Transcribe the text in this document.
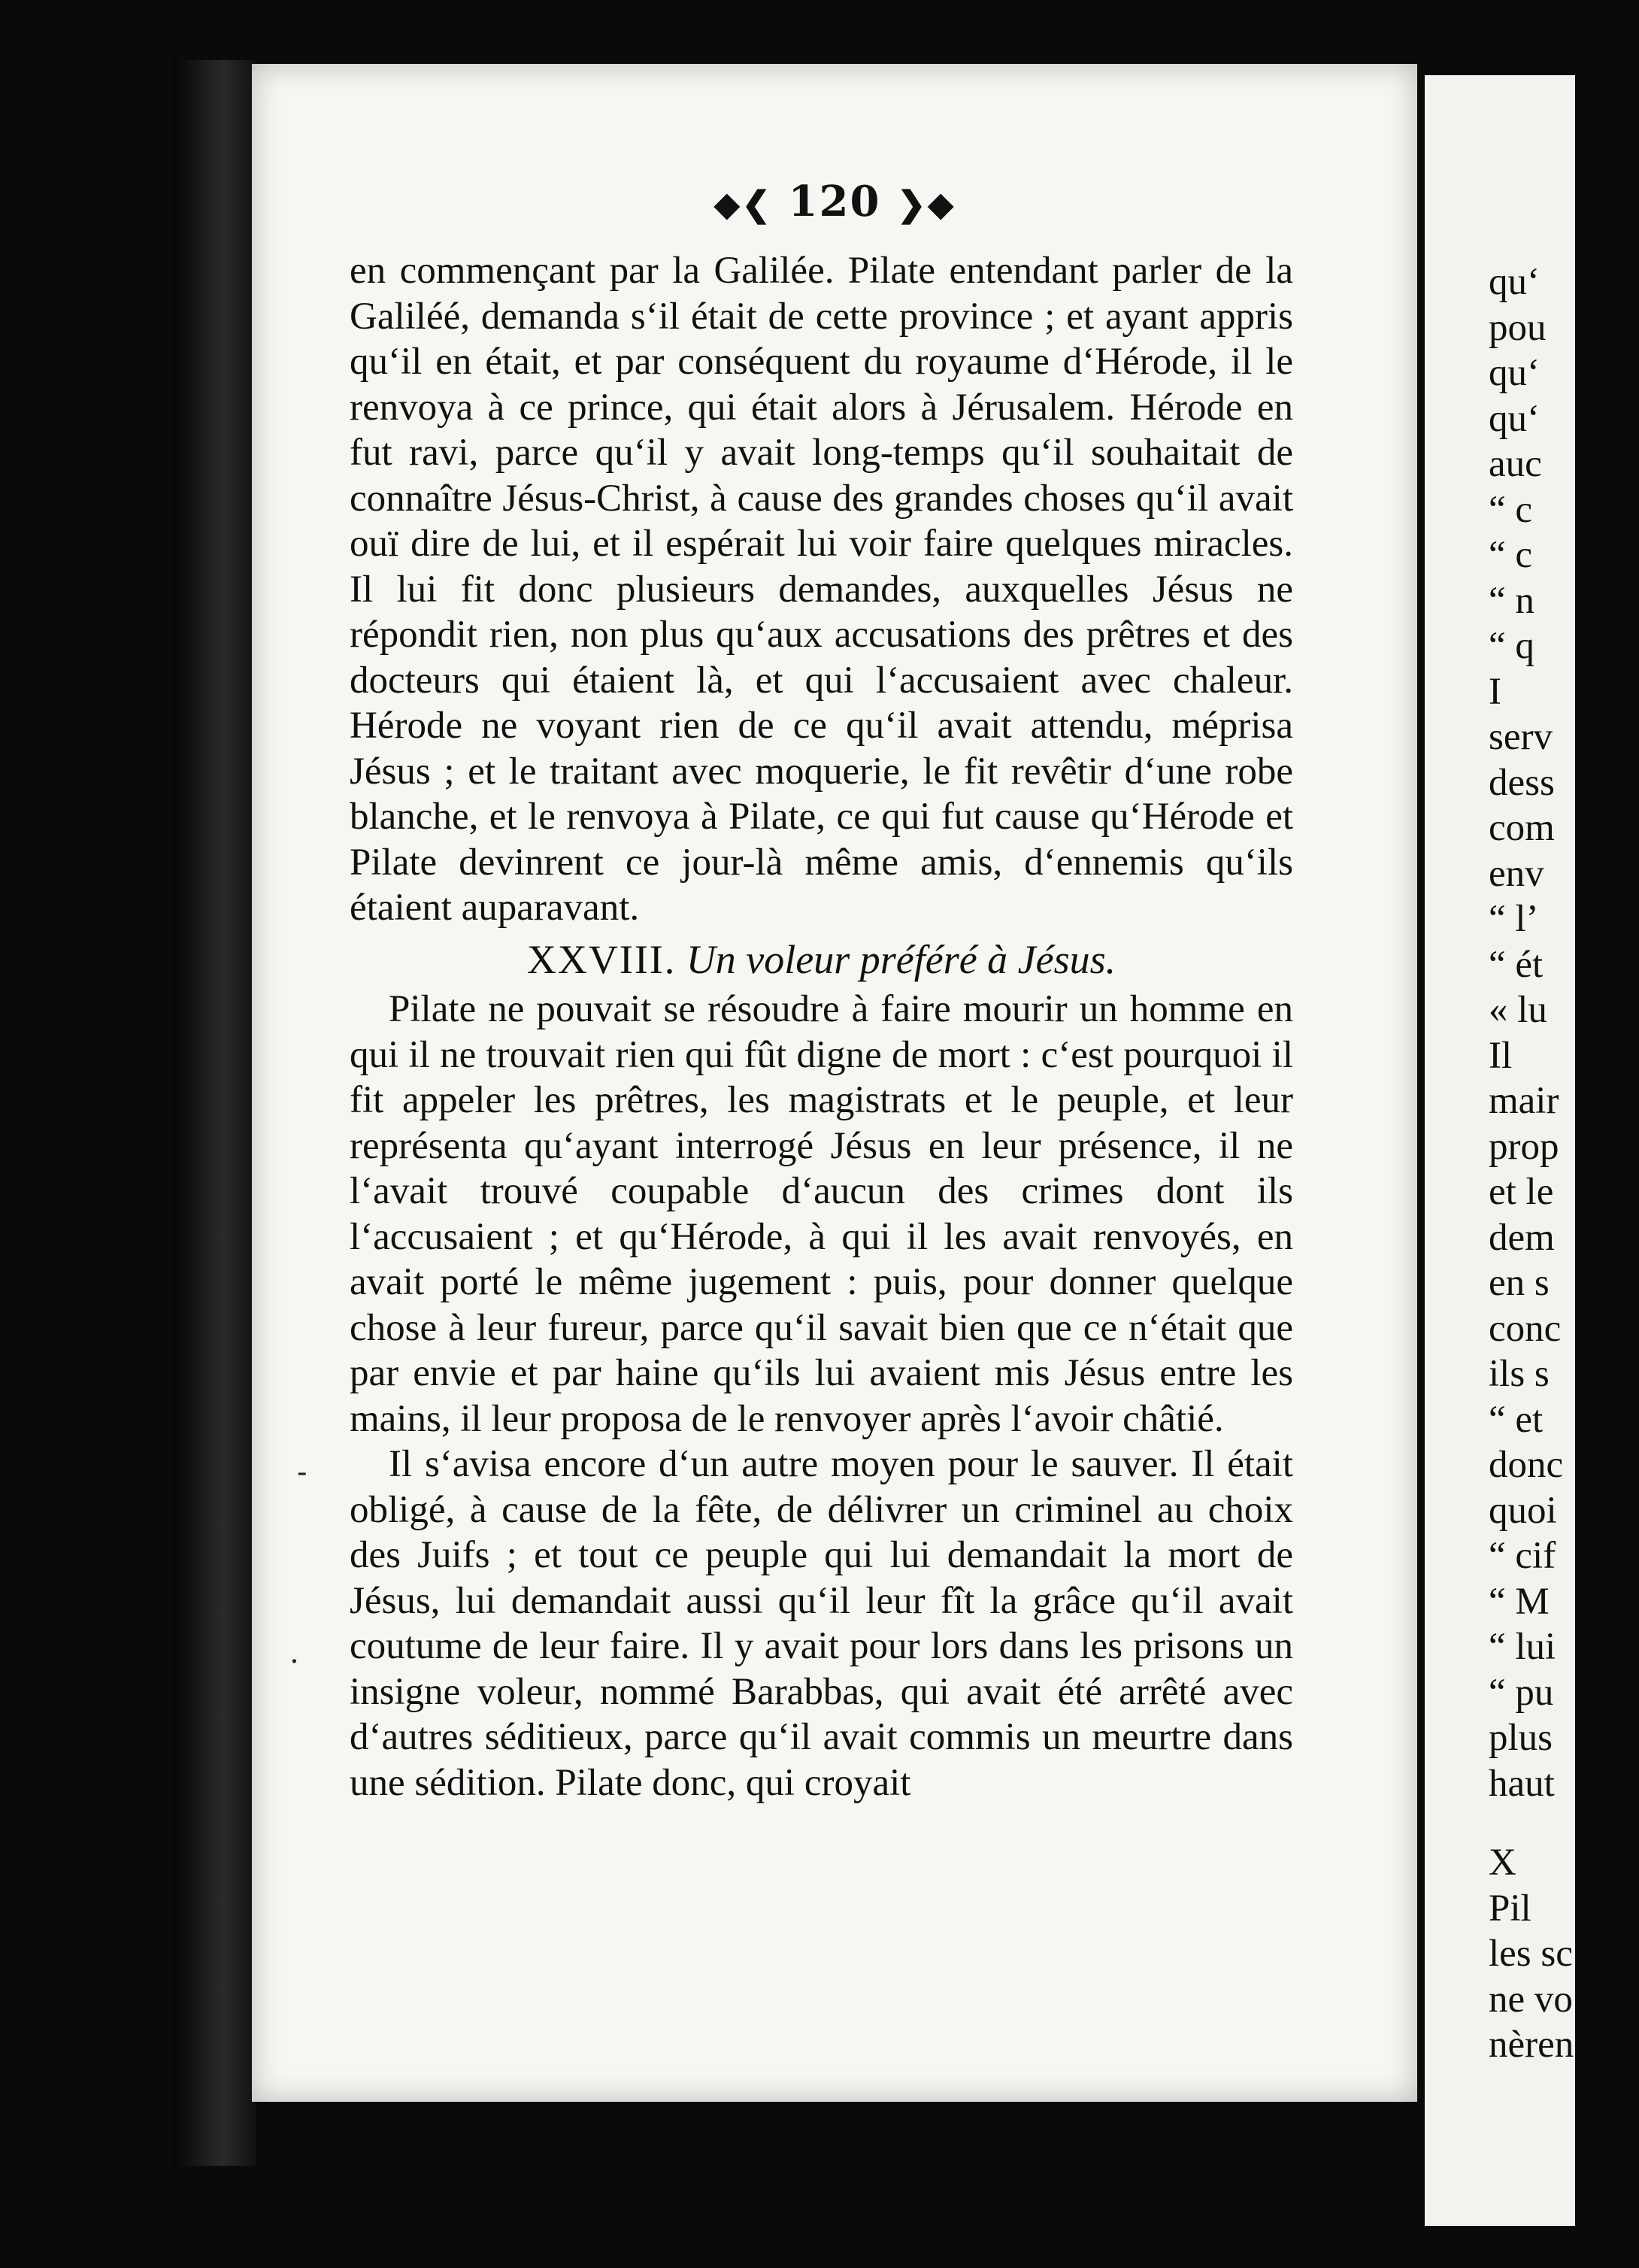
◆❮ 120 ❯◆

en commençant par la Galilée. Pilate entendant parler de la Galiléé, demanda s‘il était de cette province ; et ayant appris qu‘il en était, et par conséquent du royaume d‘Hérode, il le renvoya à ce prince, qui était alors à Jérusalem. Hérode en fut ravi, parce qu‘il y avait long-temps qu‘il souhaitait de connaître Jésus-Christ, à cause des grandes choses qu‘il avait ouï dire de lui, et il espérait lui voir faire quelques miracles. Il lui fit donc plusieurs demandes, auxquelles Jésus ne répondit rien, non plus qu‘aux accusations des prêtres et des docteurs qui étaient là, et qui l‘accusaient avec chaleur. Hérode ne voyant rien de ce qu‘il avait attendu, méprisa Jésus ; et le traitant avec moquerie, le fit revêtir d‘une robe blanche, et le renvoya à Pilate, ce qui fut cause qu‘Hérode et Pilate devinrent ce jour-là même amis, d‘ennemis qu‘ils étaient auparavant.

XXVIII. Un voleur préféré à Jésus.

Pilate ne pouvait se résoudre à faire mourir un homme en qui il ne trouvait rien qui fût digne de mort : c‘est pourquoi il fit appeler les prêtres, les magistrats et le peuple, et leur représenta qu‘ayant interrogé Jésus en leur présence, il ne l‘avait trouvé coupable d‘aucun des crimes dont ils l‘accusaient ; et qu‘Hérode, à qui il les avait renvoyés, en avait porté le même jugement : puis, pour donner quelque chose à leur fureur, parce qu‘il savait bien que ce n‘était que par envie et par haine qu‘ils lui avaient mis Jésus entre les mains, il leur proposa de le renvoyer après l‘avoir châtié.

Il s‘avisa encore d‘un autre moyen pour le sauver. Il était obligé, à cause de la fête, de délivrer un criminel au choix des Juifs ; et tout ce peuple qui lui demandait la mort de Jésus, lui demandait aussi qu‘il leur fît la grâce qu‘il avait coutume de leur faire. Il y avait pour lors dans les prisons un insigne voleur, nommé Barabbas, qui avait été arrêté avec d‘autres séditieux, parce qu‘il avait commis un meurtre dans une sédition. Pilate donc, qui croyait

-
.
qu‘
pou
qu‘
qu‘
auc
“ c
“ c
“ n
“ q
I
serv
dess
com
env
“ l’
“ ét
« lu
Il
mair
prop
et le
dem
en s
conc
ils s
“ et
donc
quoi
“ cif
“ M
“ lui
“ pu
plus
haut
X
Pil
les sc
ne vo
nèren
